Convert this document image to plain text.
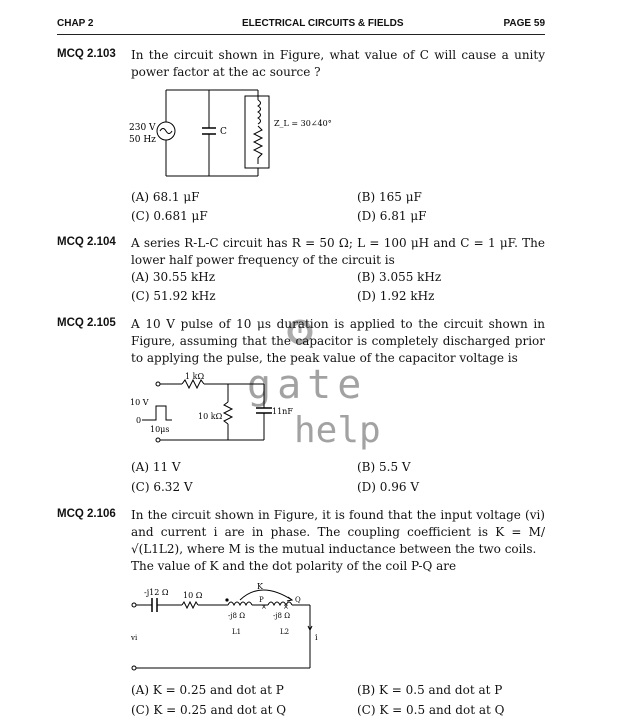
CHAP 2	ELECTRICAL CIRCUITS & FIELDS	PAGE 59
gate
help
MCQ 2.103 In the circuit shown in Figure, what value of C will cause a unity power factor at the ac source ?
230 V
50 Hz
C
Z_L = 30∠40°
(A) 68.1 μF	(B) 165 μF
(C) 0.681 μF	(D) 6.81 μF
MCQ 2.104 A series R-L-C circuit has R = 50 Ω; L = 100 μH and C = 1 μF. The lower half power frequency of the circuit is
(A) 30.55 kHz	(B) 3.055 kHz
(C) 51.92 kHz	(D) 1.92 kHz
MCQ 2.105 A 10 V pulse of 10 μs duration is applied to the circuit shown in Figure, assuming that the capacitor is completely discharged prior to applying the pulse, the peak value of the capacitor voltage is
1 kΩ
10 kΩ
11nF
10 V
0
10μs
(A) 11 V	(B) 5.5 V
(C) 6.32 V	(D) 0.96 V
MCQ 2.106 In the circuit shown in Figure, it is found that the input voltage (vi) and current i are in phase. The coupling coefficient is K = M/√(L1L2), where M is the mutual inductance between the two coils.
The value of K and the dot polarity of the coil P-Q are
× ×
-j12 Ω 10 Ω
-j8 Ω	-j8 Ω
K
P	Q
L1	L2
vi	i
(A) K = 0.25 and dot at P	(B) K = 0.5 and dot at P
(C) K = 0.25 and dot at Q	(C) K = 0.5 and dot at Q
